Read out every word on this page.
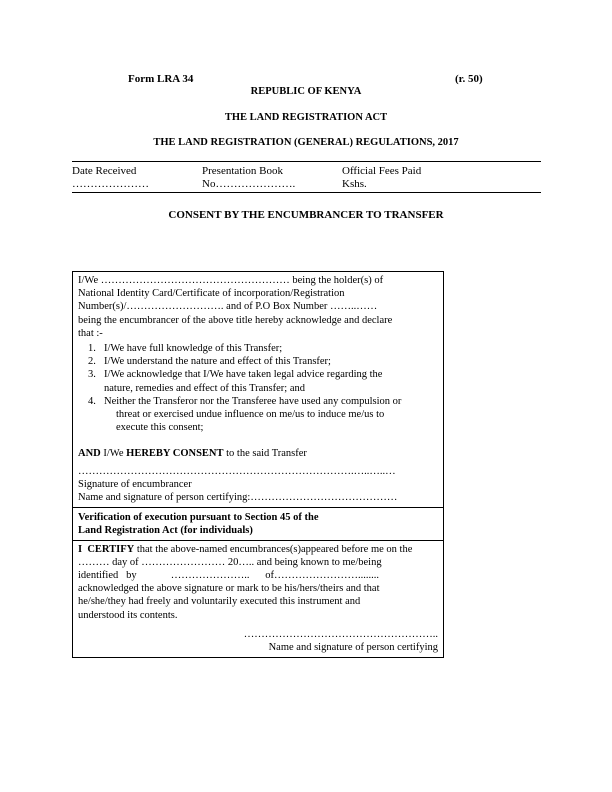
Form LRA 34	(r. 50)
REPUBLIC OF KENYA
THE LAND REGISTRATION ACT
THE LAND REGISTRATION (GENERAL) REGULATIONS, 2017
Date Received
…………………
Presentation Book
No………………….
Official Fees Paid
Kshs.
CONSENT BY THE ENCUMBRANCER TO TRANSFER

I/We ……………………………………………… being the holder(s) of

National Identity Card/Certificate of incorporation/Registration

Number(s)/………………………. and of P.O Box Number ……..……

being the encumbrancer of the above title hereby acknowledge and declare

that :-

1. I/We have full knowledge of this Transfer;
2. I/We understand the nature and effect of this Transfer;
3. I/We acknowledge that I/We have taken legal advice regarding the
nature, remedies and effect of this Transfer; and
4. Neither the Transferor nor the Transferee have used any compulsion or
threat or exercised undue influence on me/us to induce me/us to
execute this consent;

AND I/We HEREBY CONSENT to the said Transfer

…………………………………………………………………….…..…..…

Signature of encumbrancer

Name and signature of person certifying:……………………………………

Verification of execution pursuant to Section 45 of the

Land Registration Act (for individuals)

I CERTIFY that the above-named encumbrances(s)appeared before me on the

……… day of …………………… 20….. and being known to me/being

identified   by             …………………..      of……………………........

acknowledged the above signature or mark to be his/hers/theirs and that

he/she/they had freely and voluntarily executed this instrument and

understood its contents.

………………………………………………..

Name and signature of person certifying
